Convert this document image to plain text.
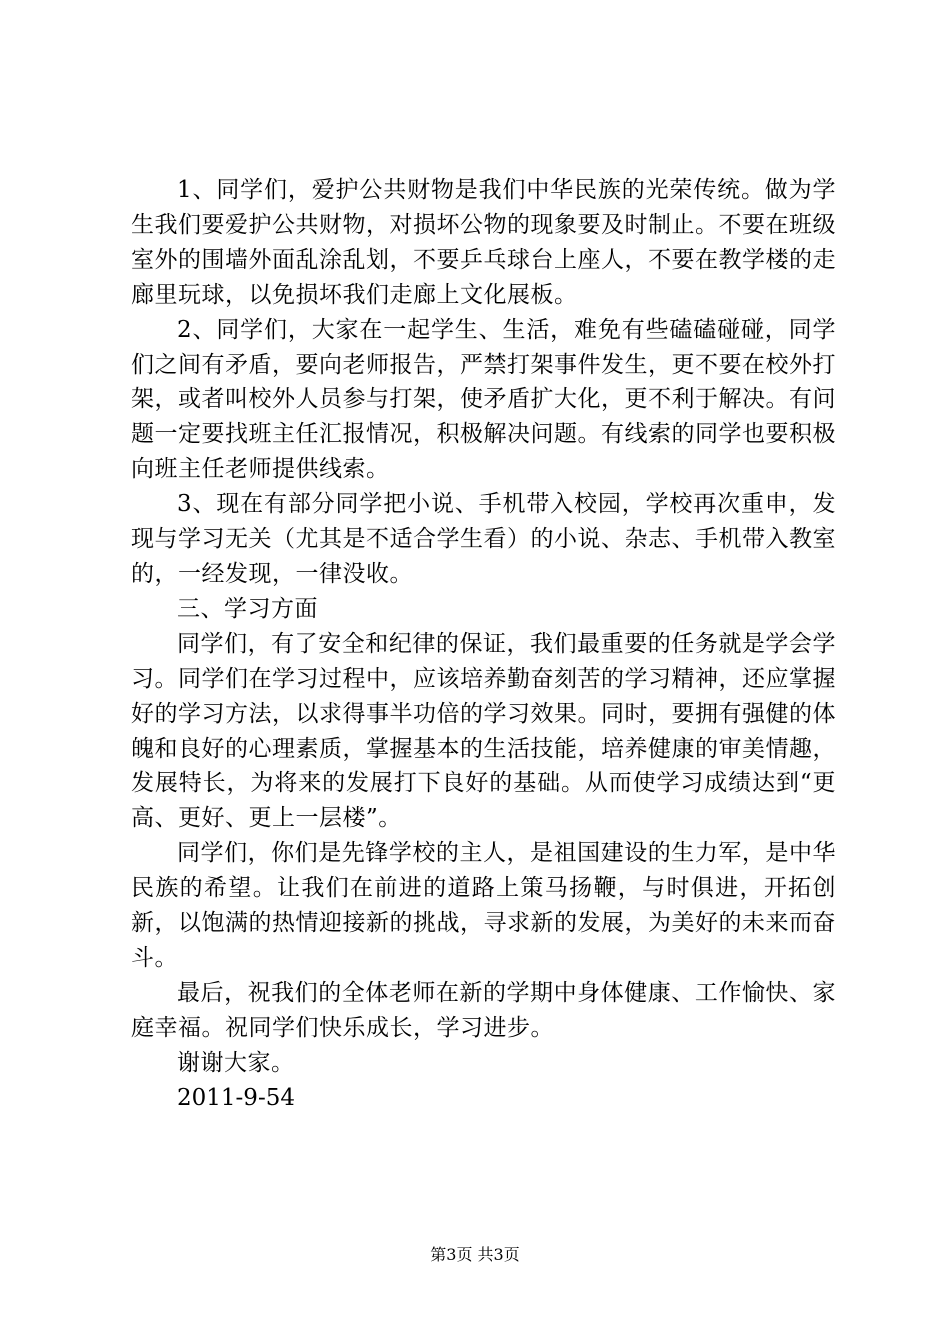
1、同学们，爱护公共财物是我们中华民族的光荣传统。做为学生我们要爱护公共财物，对损坏公物的现象要及时制止。不要在班级室外的围墙外面乱涂乱划，不要乒乓球台上座人，不要在教学楼的走廊里玩球，以免损坏我们走廊上文化展板。

2、同学们，大家在一起学生、生活，难免有些磕磕碰碰，同学们之间有矛盾，要向老师报告，严禁打架事件发生，更不要在校外打架，或者叫校外人员参与打架，使矛盾扩大化，更不利于解决。有问题一定要找班主任汇报情况，积极解决问题。有线索的同学也要积极向班主任老师提供线索。

3、现在有部分同学把小说、手机带入校园，学校再次重申，发现与学习无关（尤其是不适合学生看）的小说、杂志、手机带入教室的，一经发现，一律没收。

三、学习方面

同学们，有了安全和纪律的保证，我们最重要的任务就是学会学习。同学们在学习过程中，应该培养勤奋刻苦的学习精神，还应掌握好的学习方法，以求得事半功倍的学习效果。同时，要拥有强健的体魄和良好的心理素质，掌握基本的生活技能，培养健康的审美情趣，发展特长，为将来的发展打下良好的基础。从而使学习成绩达到“更高、更好、更上一层楼”。

同学们，你们是先锋学校的主人，是祖国建设的生力军，是中华民族的希望。让我们在前进的道路上策马扬鞭，与时俱进，开拓创新，以饱满的热情迎接新的挑战，寻求新的发展，为美好的未来而奋斗。

最后，祝我们的全体老师在新的学期中身体健康、工作愉快、家庭幸福。祝同学们快乐成长，学习进步。

谢谢大家。

2011-9-54

第3页 共3页
